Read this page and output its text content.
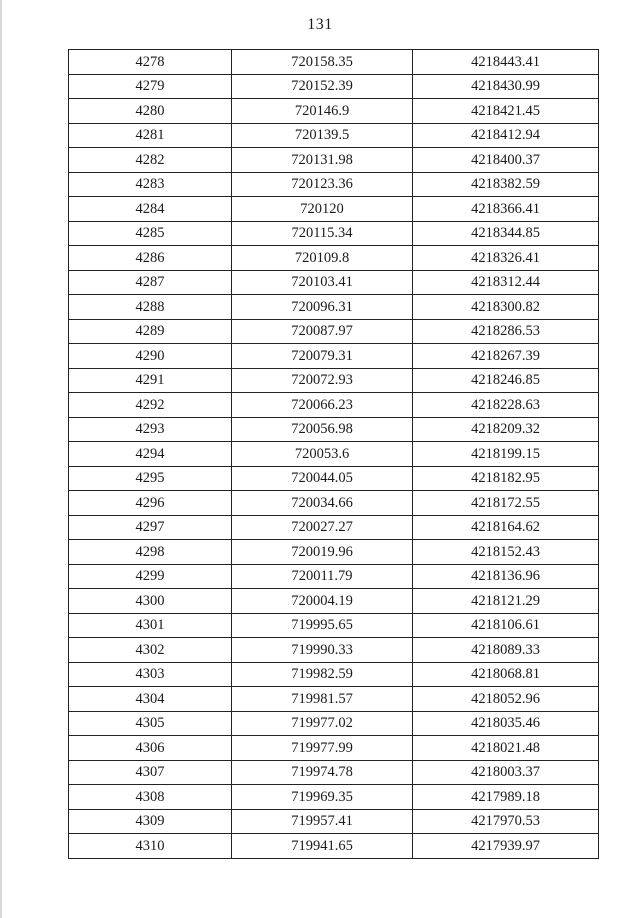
131
4278	720158.35	4218443.41
4279	720152.39	4218430.99
4280	720146.9	4218421.45
4281	720139.5	4218412.94
4282	720131.98	4218400.37
4283	720123.36	4218382.59
4284	720120	4218366.41
4285	720115.34	4218344.85
4286	720109.8	4218326.41
4287	720103.41	4218312.44
4288	720096.31	4218300.82
4289	720087.97	4218286.53
4290	720079.31	4218267.39
4291	720072.93	4218246.85
4292	720066.23	4218228.63
4293	720056.98	4218209.32
4294	720053.6	4218199.15
4295	720044.05	4218182.95
4296	720034.66	4218172.55
4297	720027.27	4218164.62
4298	720019.96	4218152.43
4299	720011.79	4218136.96
4300	720004.19	4218121.29
4301	719995.65	4218106.61
4302	719990.33	4218089.33
4303	719982.59	4218068.81
4304	719981.57	4218052.96
4305	719977.02	4218035.46
4306	719977.99	4218021.48
4307	719974.78	4218003.37
4308	719969.35	4217989.18
4309	719957.41	4217970.53
4310	719941.65	4217939.97
